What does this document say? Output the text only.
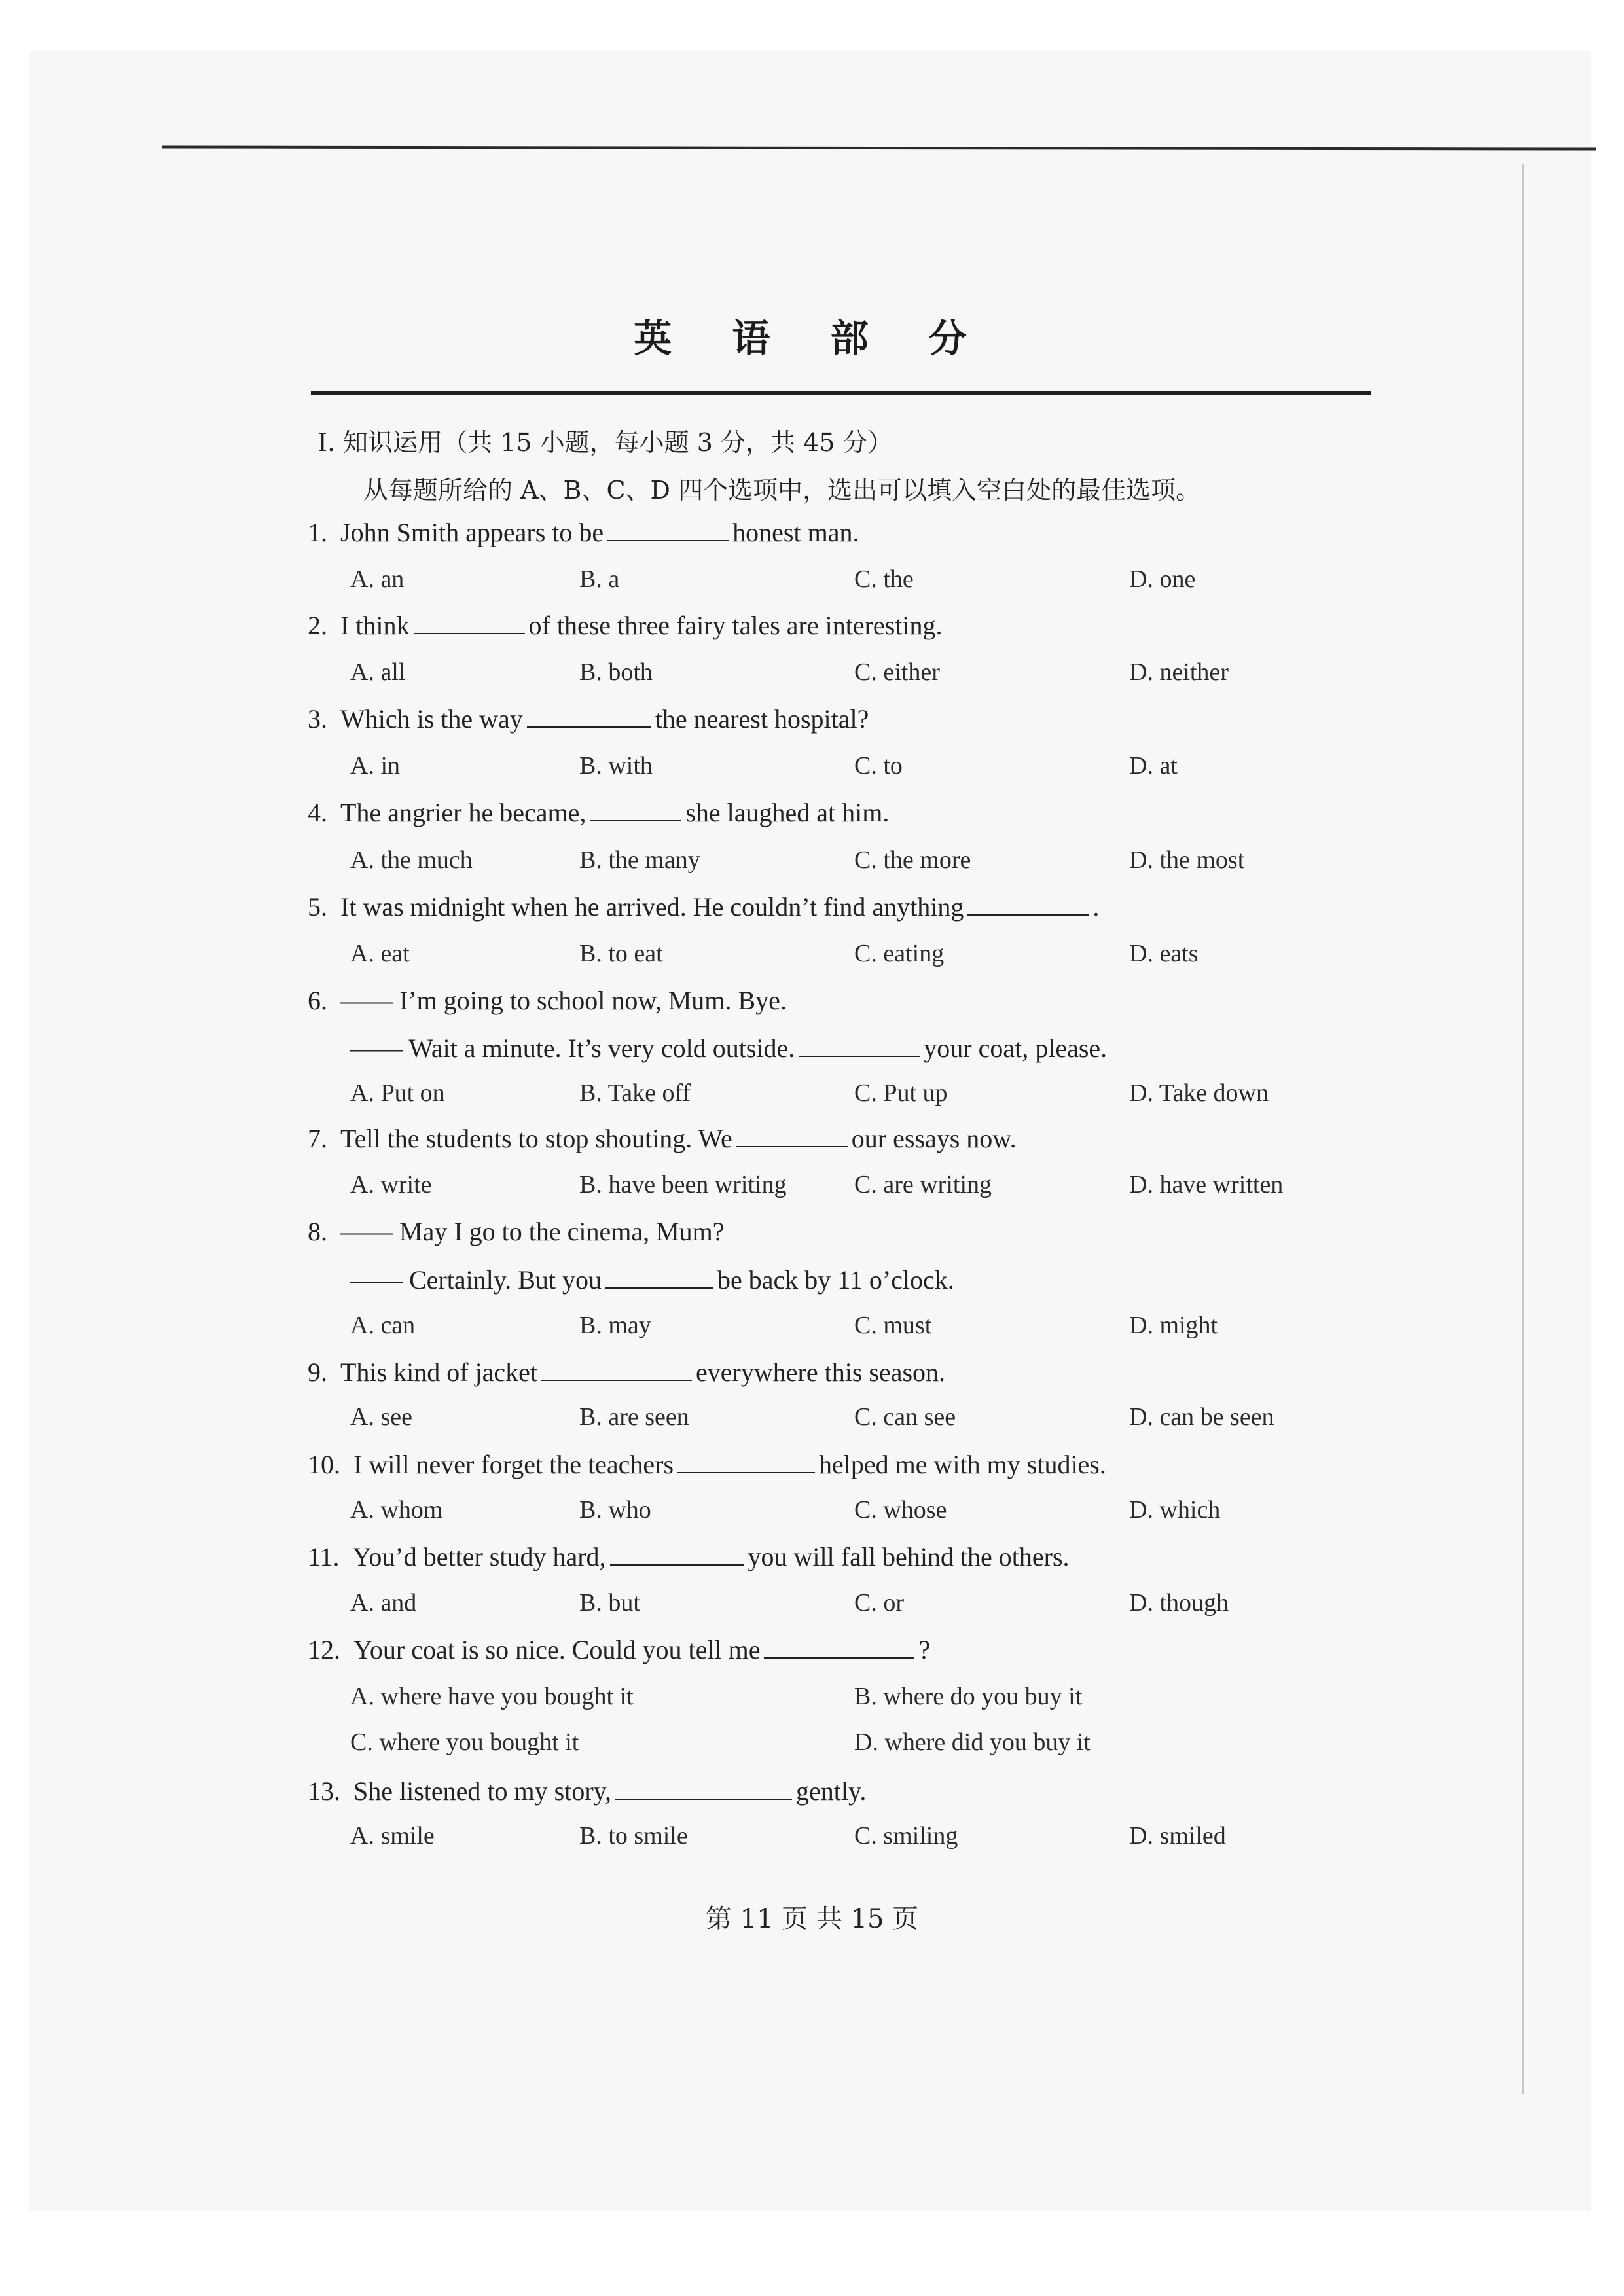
英 语 部 分
Ⅰ. 知识运用（共 15 小题，每小题 3 分，共 45 分）
从每题所给的 A、B、C、D 四个选项中，选出可以填入空白处的最佳选项。
1. John Smith appears to be	honest man.
A. an	B. a	C. the	D. one
2. I think	of these three fairy tales are interesting.
A. all	B. both	C. either	D. neither
3. Which is the way	the nearest hospital?
A. in	B. with	C. to	D. at
4. The angrier he became,	she laughed at him.
A. the much	B. the many	C. the more	D. the most
5. It was midnight when he arrived. He couldn’t find anything	.
A. eat	B. to eat	C. eating	D. eats
6. —— I’m going to school now, Mum. Bye.
—— Wait a minute. It’s very cold outside.	your coat, please.
A. Put on	B. Take off	C. Put up	D. Take down
7. Tell the students to stop shouting. We	our essays now.
A. write	B. have been writing	C. are writing	D. have written
8. —— May I go to the cinema, Mum?
—— Certainly. But you	be back by 11 o’clock.
A. can	B. may	C. must	D. might
9. This kind of jacket	everywhere this season.
A. see	B. are seen	C. can see	D. can be seen
10. I will never forget the teachers	helped me with my studies.
A. whom	B. who	C. whose	D. which
11. You’d better study hard,	you will fall behind the others.
A. and	B. but	C. or	D. though
12. Your coat is so nice. Could you tell me	?
A. where have you bought it	B. where do you buy it
C. where you bought it	D. where did you buy it
13. She listened to my story,	gently.
A. smile	B. to smile	C. smiling	D. smiled
第 11 页 共 15 页
